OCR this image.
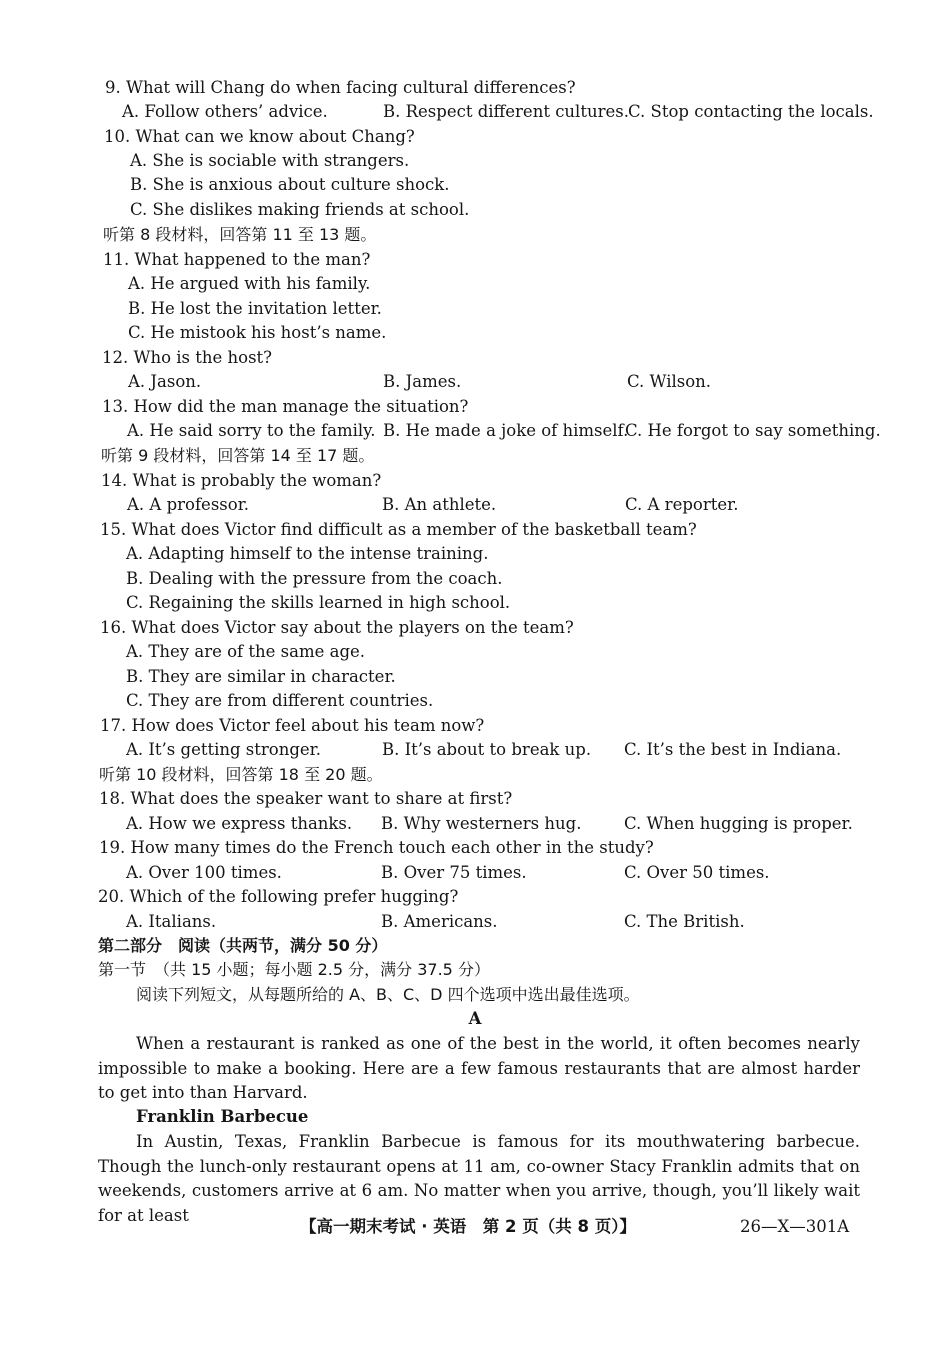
9. What will Chang do when facing cultural differences?

A. Follow others’ advice.	B. Respect different cultures. C. Stop contacting the locals.

10. What can we know about Chang?

A. She is sociable with strangers.
B. She is anxious about culture shock.
C. She dislikes making friends at school.

听第 8 段材料，回答第 11 至 13 题。

11. What happened to the man?

A. He argued with his family.
B. He lost the invitation letter.
C. He mistook his host’s name.

12. Who is the host?

A. Jason.	B. James.	C. Wilson.

13. How did the man manage the situation?

A. He said sorry to the family. B. He made a joke of himself.
C. He forgot to say something.

听第 9 段材料，回答第 14 至 17 题。

14. What is probably the woman?

A. A professor.	B. An athlete.	C. A reporter.

15. What does Victor find difficult as a member of the basketball team?

A. Adapting himself to the intense training.
B. Dealing with the pressure from the coach.
C. Regaining the skills learned in high school.

16. What does Victor say about the players on the team?

A. They are of the same age.
B. They are similar in character.
C. They are from different countries.

17. How does Victor feel about his team now?

A. It’s getting stronger.	B. It’s about to break up. C. It’s the best in Indiana.

听第 10 段材料，回答第 18 至 20 题。

18. What does the speaker want to share at first?

A. How we express thanks. B. Why westerners hug.	C. When hugging is proper.

19. How many times do the French touch each other in the study?

A. Over 100 times.	B. Over 75 times.	C. Over 50 times.

20. Which of the following prefer hugging?

A. Italians.	B. Americans.	C. The British.

第二部分　阅读（共两节，满分 50 分）

第一节　（共 15 小题；每小题 2.5 分，满分 37.5 分）

阅读下列短文，从每题所给的 A、B、C、D 四个选项中选出最佳选项。

A

When a restaurant is ranked as one of the best in the world, it often becomes nearly impossible to make a booking. Here are a few famous restaurants that are almost harder to get into than Harvard.

Franklin Barbecue

In Austin, Texas, Franklin Barbecue is famous for its mouthwatering barbecue. Though the lunch-only restaurant opens at 11 am, co-owner Stacy Franklin admits that on weekends, customers arrive at 6 am. No matter when you arrive, though, you’ll likely wait for at least

【高一期末考试 · 英语　第 2 页（共 8 页）】	26—X—301A
